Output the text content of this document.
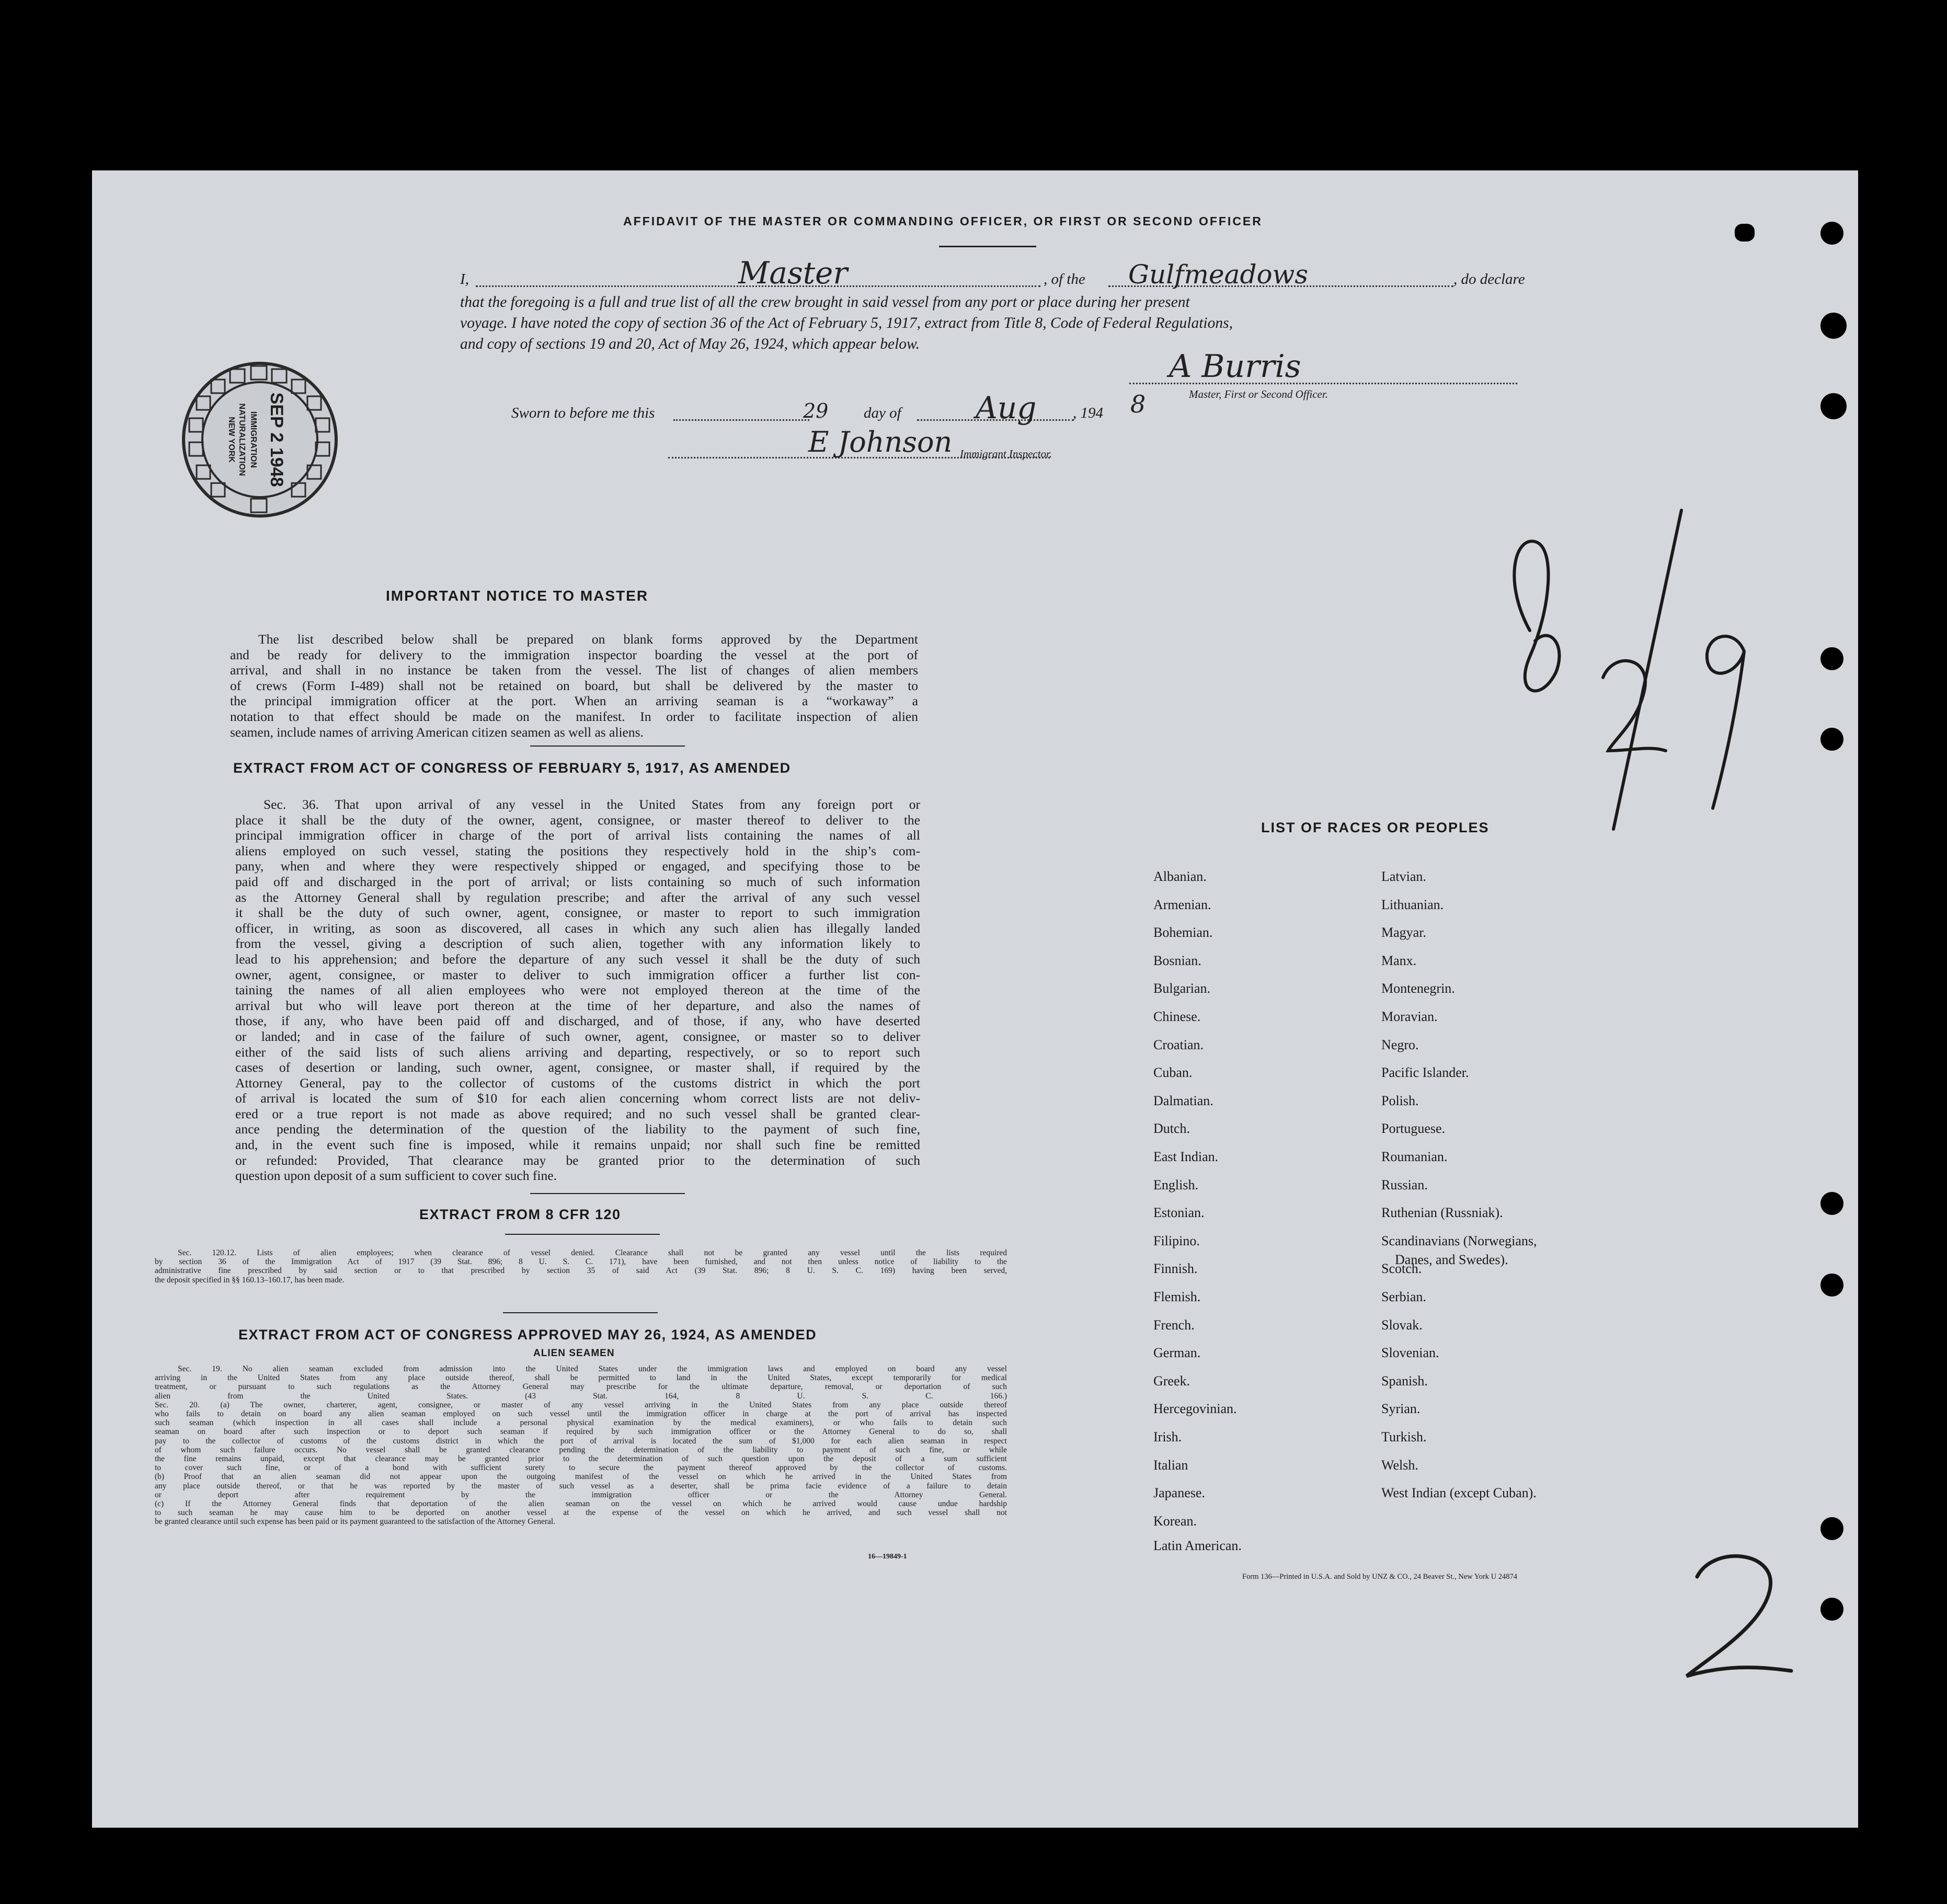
AFFIDAVIT OF THE MASTER OR COMMANDING OFFICER, OR FIRST OR SECOND OFFICER
I,	Master	, of the Gulfmeadows	, do declare
that the foregoing is a full and true list of all the crew brought in said vessel from any port or place during her present
voyage. I have noted the copy of section 36 of the Act of February 5, 1917, extract from Title 8, Code of Federal Regulations,
and copy of sections 19 and 20, Act of May 26, 1924, which appear below.
A Burris
Master, First or Second Officer.
Sworn to before me this	29 day of Aug , 194 8
E Johnson Immigrant Inspector.
SEP 2 1948
IMMIGRATION
NATURALIZATION
NEW YORK
IMPORTANT NOTICE TO MASTER
The list described below shall be prepared on blank forms approved by the Department
and be ready for delivery to the immigration inspector boarding the vessel at the port of
arrival, and shall in no instance be taken from the vessel. The list of changes of alien members
of crews (Form I-489) shall not be retained on board, but shall be delivered by the master to
the principal immigration officer at the port. When an arriving seaman is a “workaway” a
notation to that effect should be made on the manifest. In order to facilitate inspection of alien
seamen, include names of arriving American citizen seamen as well as aliens.
EXTRACT FROM ACT OF CONGRESS OF FEBRUARY 5, 1917, AS AMENDED
Sec. 36. That upon arrival of any vessel in the United States from any foreign port or
place it shall be the duty of the owner, agent, consignee, or master thereof to deliver to the
principal immigration officer in charge of the port of arrival lists containing the names of all
aliens employed on such vessel, stating the positions they respectively hold in the ship’s com-
pany, when and where they were respectively shipped or engaged, and specifying those to be
paid off and discharged in the port of arrival; or lists containing so much of such information
as the Attorney General shall by regulation prescribe; and after the arrival of any such vessel
it shall be the duty of such owner, agent, consignee, or master to report to such immigration
officer, in writing, as soon as discovered, all cases in which any such alien has illegally landed
from the vessel, giving a description of such alien, together with any information likely to
lead to his apprehension; and before the departure of any such vessel it shall be the duty of such
owner, agent, consignee, or master to deliver to such immigration officer a further list con-
taining the names of all alien employees who were not employed thereon at the time of the
arrival but who will leave port thereon at the time of her departure, and also the names of
those, if any, who have been paid off and discharged, and of those, if any, who have deserted
or landed; and in case of the failure of such owner, agent, consignee, or master so to deliver
either of the said lists of such aliens arriving and departing, respectively, or so to report such
cases of desertion or landing, such owner, agent, consignee, or master shall, if required by the
Attorney General, pay to the collector of customs of the customs district in which the port
of arrival is located the sum of $10 for each alien concerning whom correct lists are not deliv-
ered or a true report is not made as above required; and no such vessel shall be granted clear-
ance pending the determination of the question of the liability to the payment of such fine,
and, in the event such fine is imposed, while it remains unpaid; nor shall such fine be remitted
or refunded: Provided, That clearance may be granted prior to the determination of such
question upon deposit of a sum sufficient to cover such fine.
EXTRACT FROM 8 CFR 120
Sec. 120.12. Lists of alien employees; when clearance of vessel denied. Clearance shall not be granted any vessel until the lists required
by section 36 of the Immigration Act of 1917 (39 Stat. 896; 8 U. S. C. 171), have been furnished, and not then unless notice of liability to the
administrative fine prescribed by said section or to that prescribed by section 35 of said Act (39 Stat. 896; 8 U. S. C. 169) having been served,
the deposit specified in §§ 160.13–160.17, has been made.
EXTRACT FROM ACT OF CONGRESS APPROVED MAY 26, 1924, AS AMENDED
ALIEN SEAMEN
Sec. 19. No alien seaman excluded from admission into the United States under the immigration laws and employed on board any vessel
arriving in the United States from any place outside thereof, shall be permitted to land in the United States, except temporarily for medical
treatment, or pursuant to such regulations as the Attorney General may prescribe for the ultimate departure, removal, or deportation of such
alien from the United States. (43 Stat. 164, 8 U. S. C. 166.)
Sec. 20. (a) The owner, charterer, agent, consignee, or master of any vessel arriving in the United States from any place outside thereof
who fails to detain on board any alien seaman employed on such vessel until the immigration officer in charge at the port of arrival has inspected
such seaman (which inspection in all cases shall include a personal physical examination by the medical examiners), or who fails to detain such
seaman on board after such inspection or to deport such seaman if required by such immigration officer or the Attorney General to do so, shall
pay to the collector of customs of the customs district in which the port of arrival is located the sum of $1,000 for each alien seaman in respect
of whom such failure occurs. No vessel shall be granted clearance pending the determination of the liability to payment of such fine, or while
the fine remains unpaid, except that clearance may be granted prior to the determination of such question upon the deposit of a sum sufficient
to cover such fine, or of a bond with sufficient surety to secure the payment thereof approved by the collector of customs.
(b) Proof that an alien seaman did not appear upon the outgoing manifest of the vessel on which he arrived in the United States from
any place outside thereof, or that he was reported by the master of such vessel as a deserter, shall be prima facie evidence of a failure to detain
or deport after requirement by the immigration officer or the Attorney General.
(c) If the Attorney General finds that deportation of the alien seaman on the vessel on which he arrived would cause undue hardship
to such seaman he may cause him to be deported on another vessel at the expense of the vessel on which he arrived, and such vessel shall not
be granted clearance until such expense has been paid or its payment guaranteed to the satisfaction of the Attorney General.
16—19849-1
LIST OF RACES OR PEOPLES
Albanian.
Armenian.
Bohemian.
Bosnian.
Bulgarian.
Chinese.
Croatian.
Cuban.
Dalmatian.
Dutch.
East Indian.
English.
Estonian.
Filipino.
Finnish.
Flemish.
French.
German.
Greek.
Hercegovinian.
Irish.
Italian
Japanese.
Korean.
Latin American.
Latvian.
Lithuanian.
Magyar.
Manx.
Montenegrin.
Moravian.
Negro.
Pacific Islander.
Polish.
Portuguese.
Roumanian.
Russian.
Ruthenian (Russniak).
Scandinavians (Norwegians,
Danes, and Swedes).
Scotch.
Serbian.
Slovak.
Slovenian.
Spanish.
Syrian.
Turkish.
Welsh.
West Indian (except Cuban).
Form 136—Printed in U.S.A. and Sold by UNZ & CO., 24 Beaver St., New York U 24874
